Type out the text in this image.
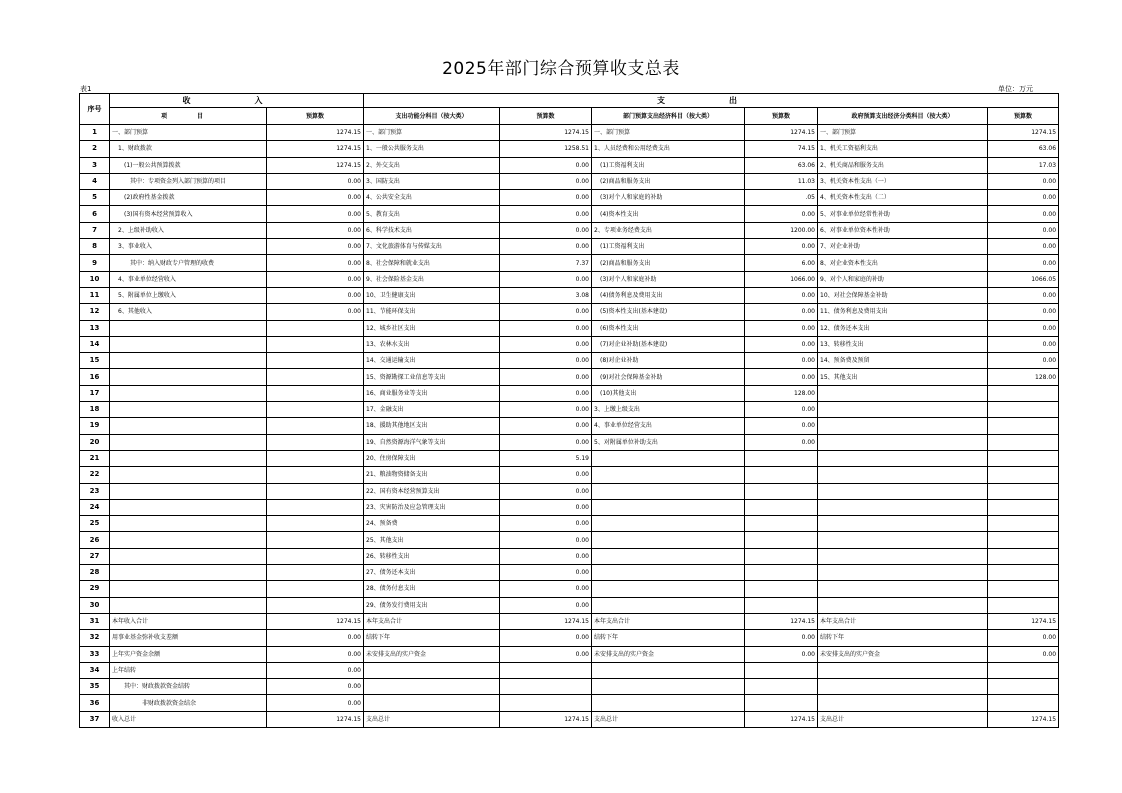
2025年部门综合预算收支总表
表1	单位：万元
序号	收　入		支　出					
	项　目	预算数	支出功能分科目（按大类）	预算数	部门预算支出经济科目（按大类）	预算数	政府预算支出经济分类科目（按大类）	预算数
1	一、部门预算	1274.15	一、部门预算	1274.15	一、部门预算	1274.15	一、部门预算	1274.15
2	　1、财政拨款	1274.15	1、一般公共服务支出	1258.51	1、人员经费和公用经费支出	74.15	1、机关工资福利支出	63.06
3	　　(1)一般公共预算拨款	1274.15	2、外交支出	0.00	　(1)工资福利支出	63.06	2、机关商品和服务支出	17.03
4	　　　其中：专项资金列入部门预算的项目	0.00	3、国防支出	0.00	　(2)商品和服务支出	11.03	3、机关资本性支出（一）	0.00
5	　　(2)政府性基金拨款	0.00	4、公共安全支出	0.00	　(3)对个人和家庭的补助	.05	4、机关资本性支出（二）	0.00
6	　　(3)国有资本经营预算收入	0.00	5、教育支出	0.00	　(4)资本性支出	0.00	5、对事业单位经常性补助	0.00
7	　2、上级补助收入	0.00	6、科学技术支出	0.00	2、专项业务经费支出	1200.00	6、对事业单位资本性补助	0.00
8	　3、事业收入	0.00	7、文化旅游体育与传媒支出	0.00	　(1)工资福利支出	0.00	7、对企业补助	0.00
9	　　　其中：纳入财政专户管理的收费	0.00	8、社会保障和就业支出	7.37	　(2)商品和服务支出	6.00	8、对企业资本性支出	0.00
10	　4、事业单位经营收入	0.00	9、社会保险基金支出	0.00	　(3)对个人和家庭补助	1066.00	9、对个人和家庭的补助	1066.05
11	　5、附属单位上缴收入	0.00	10、卫生健康支出	3.08	　(4)债务利息及费用支出	0.00	10、对社会保障基金补助	0.00
12	　6、其他收入	0.00	11、节能环保支出	0.00	　(5)资本性支出(基本建设)	0.00	11、债务利息及费用支出	0.00
13			12、城乡社区支出	0.00	　(6)资本性支出	0.00	12、债务还本支出	0.00
14			13、农林水支出	0.00	　(7)对企业补助(基本建设)	0.00	13、转移性支出	0.00
15			14、交通运输支出	0.00	　(8)对企业补助	0.00	14、预备费及预留	0.00
16			15、资源勘探工业信息等支出	0.00	　(9)对社会保障基金补助	0.00	15、其他支出	128.00
17			16、商业服务业等支出	0.00	　(10)其他支出	128.00		
18			17、金融支出	0.00	3、上缴上级支出	0.00		
19			18、援助其他地区支出	0.00	4、事业单位经营支出	0.00		
20			19、自然资源海洋气象等支出	0.00	5、对附属单位补助支出	0.00		
21			20、住房保障支出	5.19				
22			21、粮油物资储备支出	0.00				
23			22、国有资本经营预算支出	0.00				
24			23、灾害防治及应急管理支出	0.00				
25			24、预备费	0.00				
26			25、其他支出	0.00				
27			26、转移性支出	0.00				
28			27、债务还本支出	0.00				
29			28、债务付息支出	0.00				
30			29、债务发行费用支出	0.00				
31	本年收入合计	1274.15	本年支出合计	1274.15	本年支出合计	1274.15	本年支出合计	1274.15
32	用事业基金弥补收支差额	0.00	结转下年	0.00	结转下年	0.00	结转下年	0.00
33	上年实户资金余额	0.00	未安排支出的实户资金	0.00	未安排支出的实户资金	0.00	未安排支出的实户资金	0.00
34	上年结转	0.00						
35	　　其中：财政拨款资金结转	0.00						
36	　　　　　非财政拨款资金结余	0.00						
37	收入总计	1274.15	支出总计	1274.15	支出总计	1274.15	支出总计	1274.15
